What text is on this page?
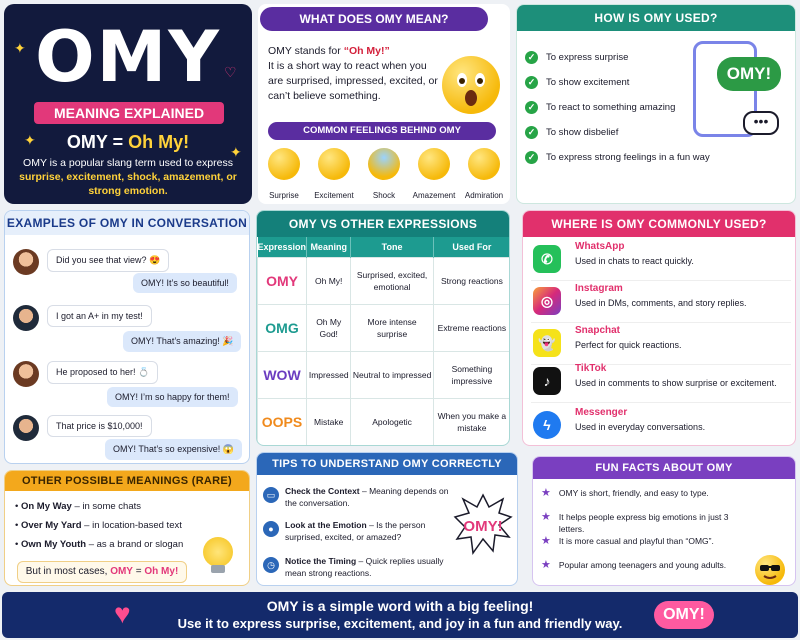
✦
✦
✦
♡
OMY
MEANING EXPLAINED
OMY = Oh My!
OMY is a popular slang term used to express surprise, excitement, shock, amazement, or strong emotion.
WHAT DOES OMY MEAN?
OMY stands for “Oh My!”
It is a short way to react when you are surprised, impressed, excited, or can’t believe something.
COMMON FEELINGS BEHIND OMY
Surprise	Excitement	Shock	Amazement	Admiration
HOW IS OMY USED?
✓ To express surprise
✓ To show excitement
✓ To react to something amazing
✓ To show disbelief
✓ To express strong feelings in a fun way
OMY!
•••
EXAMPLES OF OMY IN CONVERSATION
Did you see that view? 😍
OMY! It’s so beautiful!
I got an A+ in my test!
OMY! That’s amazing! 🎉
He proposed to her! 💍
OMY! I’m so happy for them!
That price is $10,000!
OMY! That’s so expensive! 😱
OTHER POSSIBLE MEANINGS (RARE)
• On My Way – in some chats
• Over My Yard – in location-based text
• Own My Youth – as a brand or slogan
But in most cases, OMY = Oh My!
OMY VS OTHER EXPRESSIONS
Expression	Meaning	Tone	Used For
OMY	Oh My!	Surprised, excited, emotional	Strong reactions
OMG	Oh My God!	More intense surprise	Extreme reactions
WOW	Impressed	Neutral to impressed	Something impressive
OOPS	Mistake	Apologetic	When you make a mistake
TIPS TO UNDERSTAND OMY CORRECTLY
▭	Check the Context – Meaning depends on the conversation.
●	Look at the Emotion – Is the person surprised, excited, or amazed?
◷	Notice the Timing – Quick replies usually mean strong reactions.
OMY!
WHERE IS OMY COMMONLY USED?
✆
WhatsApp
Used in chats to react quickly.
◎
Instagram
Used in DMs, comments, and story replies.
👻
Snapchat
Perfect for quick reactions.
♪
TikTok
Used in comments to show surprise or excitement.
ϟ
Messenger
Used in everyday conversations.
FUN FACTS ABOUT OMY
★ OMY is short, friendly, and easy to type.
★ It helps people express big emotions in just 3 letters.
★ It is more casual and playful than “OMG”.
★ Popular among teenagers and young adults.
♥	OMY is a simple word with a big feeling!
Use it to express surprise, excitement, and joy in a fun and friendly way.
OMY!
